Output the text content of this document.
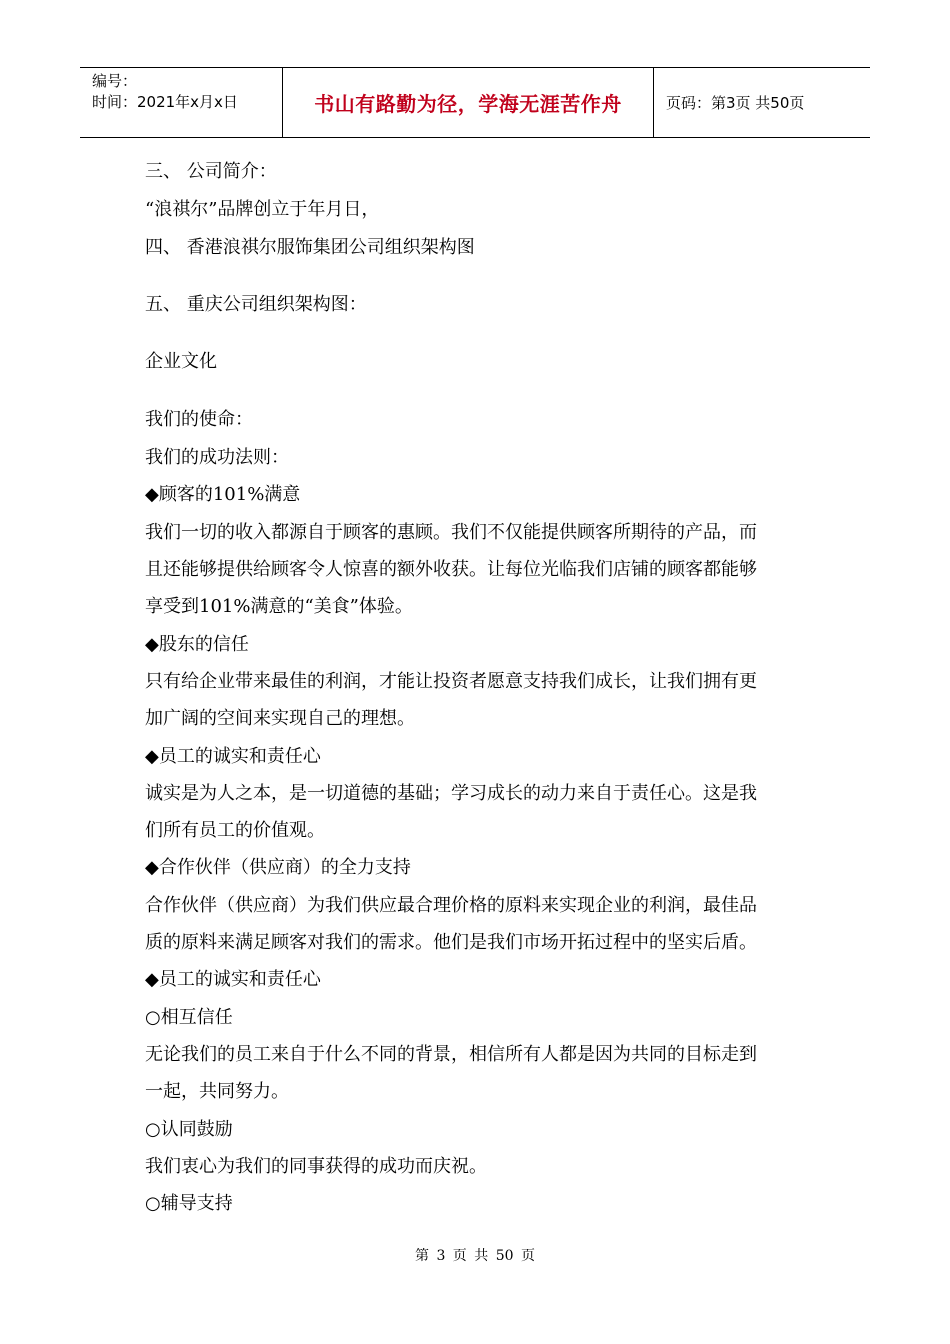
编号：
时间：2021年x月x日	书山有路勤为径，学海无涯苦作舟	页码：第3页 共50页
三、 公司简介：
“浪祺尔”品牌创立于年月日，
四、 香港浪祺尔服饰集团公司组织架构图
五、 重庆公司组织架构图：
企业文化
我们的使命：
我们的成功法则：
◆顾客的101%满意
我们一切的收入都源自于顾客的惠顾。我们不仅能提供顾客所期待的产品，而
且还能够提供给顾客令人惊喜的额外收获。让每位光临我们店铺的顾客都能够
享受到101%满意的“美食”体验。
◆股东的信任
只有给企业带来最佳的利润，才能让投资者愿意支持我们成长，让我们拥有更
加广阔的空间来实现自己的理想。
◆员工的诚实和责任心
诚实是为人之本，是一切道德的基础；学习成长的动力来自于责任心。这是我
们所有员工的价值观。
◆合作伙伴（供应商）的全力支持
合作伙伴（供应商）为我们供应最合理价格的原料来实现企业的利润，最佳品
质的原料来满足顾客对我们的需求。他们是我们市场开拓过程中的坚实后盾。
◆员工的诚实和责任心
○相互信任
无论我们的员工来自于什么不同的背景，相信所有人都是因为共同的目标走到
一起，共同努力。
○认同鼓励
我们衷心为我们的同事获得的成功而庆祝。
○辅导支持
第 3 页 共 50 页
